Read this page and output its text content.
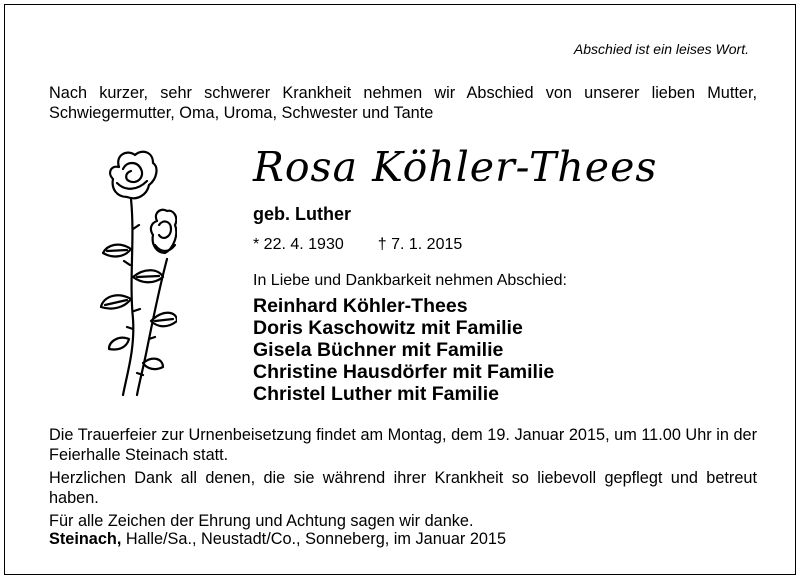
Abschied ist ein leises Wort.
Nach kurzer, sehr schwerer Krankheit nehmen wir Abschied von unserer lieben Mutter, Schwiegermutter, Oma, Uroma, Schwester und Tante
Rosa Köhler-Thees
geb. Luther
* 22. 4. 1930 † 7. 1. 2015
In Liebe und Dankbarkeit nehmen Abschied:
Reinhard Köhler-Thees
Doris Kaschowitz mit Familie
Gisela Büchner mit Familie
Christine Hausdörfer mit Familie
Christel Luther mit Familie

Die Trauerfeier zur Urnenbeisetzung findet am Montag, dem 19. Januar 2015, um 11.00 Uhr in der Feierhalle Steinach statt.

Herzlichen Dank all denen, die sie während ihrer Krankheit so liebevoll gepflegt und betreut haben.

Für alle Zeichen der Ehrung und Achtung sagen wir danke.

Steinach, Halle/Sa., Neustadt/Co., Sonneberg, im Januar 2015
